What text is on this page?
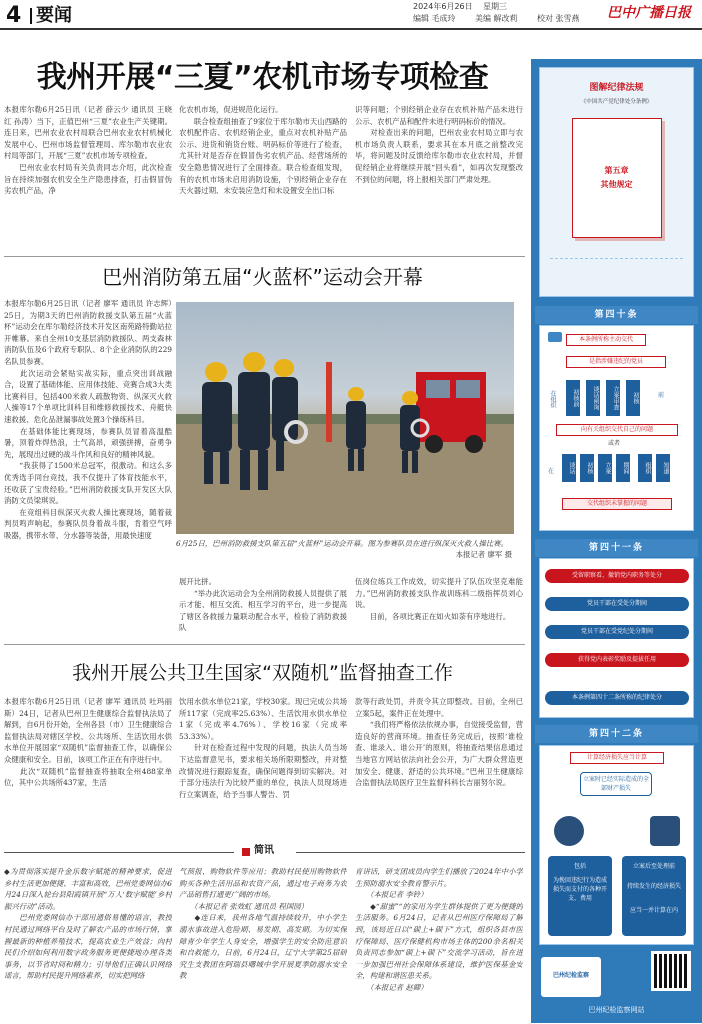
4 要闻	2024年6月26日 星期三
编辑 毛成玲 美编 解改莉 校对 张雪燕 巴中广播日报
我州开展“三夏”农机市场专项检查
本报库尔勒6月25日讯（记者 薛云少 通讯员 王晓红 孙涛）当下，正值巴州“三夏”农业生产关键期。连日来，巴州农业农村局联合巴州农业农村机械化发展中心、巴州市场监督管理局、库尔勒市农业农村局等部门，开展“三夏”农机市场专项检查。
　　巴州农业农村局有关负责同志介绍，此次检查旨在持续加强农机安全生产隐患排查，打击假冒伪劣农机产品，净
化农机市场，促进规范化运行。
　　联合检查组抽查了9家位于库尔勒市天山西路的农机配件店、农机经销企业，重点对农机补贴产品公示、进货和销货台账、明码标价等进行了检查，尤其针对是否存在假冒伪劣农机产品、经营场所的安全隐患情况进行了全面排查。联合检查组发现，有的农机市场未启用消防设施，个别经销企业存在天火器过期、未安装应急灯和未设置安全出口标
识等问题；个别经销企业存在农机补贴产品未进行公示、农机产品和配件未进行明码标价的情况。
　　对检查出来的问题，巴州农业农村局立即与农机市场负责人联系，要求其在本月底之前整改完毕，将问题及时反馈给库尔勒市农业农村局，并督促经销企业将继续开展“回头看”，如再次发现整改不到位的问题，将上报相关部门严肃处理。
巴州消防第五届“火蓝杯”运动会开幕
本报库尔勒6月25日讯（记者 廖军 通讯员 许志辉）25日，为期3天的巴州消防救援支队第五届“火蓝杯”运动会在库尔勒经济技术开发区南苑路特勤站拉开帷幕。来自全州10支基层消防救援队、两支森林消防队伍及6个政府专职队、8个企业消防队的229名队员参赛。
　　此次运动会紧贴实战实际，重点突出训战融合，设置了基础体能、应用体技能、竞赛合成3大类比赛科目，包括400米救人疏散物资、纵深灭火救人操等17个单项比训科目和维修救援技术、舟艇快速救援、危化品泄漏事故处置3个操练科目。
　　在基础体能比赛现场，参赛队员冒着高温酷暑，顶着炸焊热浪，士气高昂，顽强拼搏，奋勇争先，展现出过硬的战斗作风和良好的精神风貌。
　　“我获得了1500米总冠军，很激动。和这么多优秀选手同台竞技，我不仅提升了体育技能水平，还收获了宝贵经验。”巴州消防救援支队开发区大队消防文员梁琪说。
　　在竞组科目纵深灭火救人操比赛现场，随着裁判员鸣声响起，参赛队员身着战斗服，肯着空气呼吸器，携带水带、分水器等装备，用最快速度
6月25日，巴州消防救援支队第五届“火蓝杯”运动会开幕。图为参赛队员在进行纵深灭火救人操比赛。
本报记者 廖军 摄
展开比拼。
　　“举办此次运动会为全州消防救援人员提供了展示才能、相互交流、相互学习的平台，进一步提高了辖区各救援力量联动配合水平，检验了消防救援队
伍岗位练兵工作成效，切实提升了队伍攻坚克难能力。”巴州消防救援支队作战训练科二级指挥员刘心说。
　　目前，各项比赛正在如火如荼有序地进行。
我州开展公共卫生国家“双随机”监督抽查工作
本报库尔勒6月25日讯（记者 廖军 通讯员 吐玛丽斯）24日，记者从巴州卫生健康综合监督执法局了解到，自6月份开始，全州各县（市）卫生健康综合监督执法局对辖区学校、公共场所、生活饮用水供水单位开展国家“双随机”监督抽查工作，以确保公众健康和安全。目前，该项工作正在有序进行中。
　　此次“双随机”监督抽查将抽取全州488家单位，其中公共场所437家，生活
饮用水供水单位21家，学校30家。现已完成公共场所117家（完成率25.63%）、生活饮用水供水单位1家（完成率4.76%）、学校16家（完成率53.33%）。
　　针对在检查过程中发现的问题，执法人员当场下达监督意见书，要求相关场所限期整改，并对整改情况进行跟踪复查，确保问题得到切实解决。对于部分违法行为比较严重的单位，执法人员现场进行立案调查，给予当事人警告、罚
款等行政处罚，并责令其立即整改。目前，全州已立案5起，案件正在处理中。
　　“我们将严格依法依规办事，自觉接受监督，营造良好的营商环境。抽查任务完成后，按照‘谁检查、谁录入、谁公开’的原则，将抽查结果信息通过当地官方网站依法向社会公开，为广大群众营造更加安全、健康、舒适的公共环境。”巴州卫生健康综合监督执法局医疗卫生监督科科长吉丽努尔说。
简讯
◆为贯彻落实提升金乐数字赋能的精神要求，促进乡村生活更加便捷、丰富和高效，巴州党委网信办6月24日深入轮台县阳霞镇开展“万人‘数字赋能’乡村振兴行动”活动。
　　巴州党委网信办干部用通俗易懂的语言，教授村民通过网络平台及时了解农产品的市场行情，掌握最新的种植养殖技术，提高农业生产效益；向村民们介绍如何利用数字政务服务更便捷地办理各类事务，以节省时间和精力；引导他们正确认识网络谣言，帮助村民提升网络素养，切实把网络
气预报、购物软件等应用；教助村民使用购物软件购买各种生活用品和农资产品，通过电子商务为农产品销售打通更广阔的市场。
　　（本报记者 张效虹 通讯员 程国园）
　　◆连日来，我州各地气温持续较升，中小学生溺水事故进入危险期、易发期、高发期。为切实保障青少年学生人身安全，增强学生的安全防范意识和自救能力，日前，6月24日，辽宁大学第25届研究生支教团在阿瑞县曙城中学开展夏季防溺水安全教
育讲话，研支团成员向学生们播放了2024年中小学生预防溺水安全教育警示片。
　　（本报记者 李铃）
　　◆“甜蜜”“的家用为学生群体提供了更为便捷的生活服务。6月24日，记者从巴州医疗保障局了解到，该局近日以“碳上+碳下”方式，组织各县市医疗保障局、医疗保健机构市场主体的200余名相关负责同志参加“碳上+碳下”交流学习活动，旨在进一步加强巴州社会保障体系建设，维护医保基金安全，构建和谐医患关系。
　　（本报记者 赵卿）
图解纪律法规
《中国共产党纪律处分条例》
第五章
其他规定
第四十条
本条例所称主动交代
是指涉嫌违纪的党员
在组织	初核前	谈话函询	立案审查	初核	前
向有关组织交代自己的问题
或者
在	谈话	初核	立案	期间	组织	知道
交代组织未掌握的问题
第四十一条
受留职察看、撤销党内职务等处分
党员干部在受处分期间
党员干部在受党纪处分期间
获得党内表彰奖励及提拔任用
本条例第四十二条所称的纪律处分
第四十二条
计算经济损失应当计算
立案时已经实际造成的全部财产损失
包括
为挽回违纪行为造成损失而支付的各种开支、费用
立案后至处理前
持续发生的经济损失
应当一并计算在内
巴州纪检监察
巴州纪检监察网站
